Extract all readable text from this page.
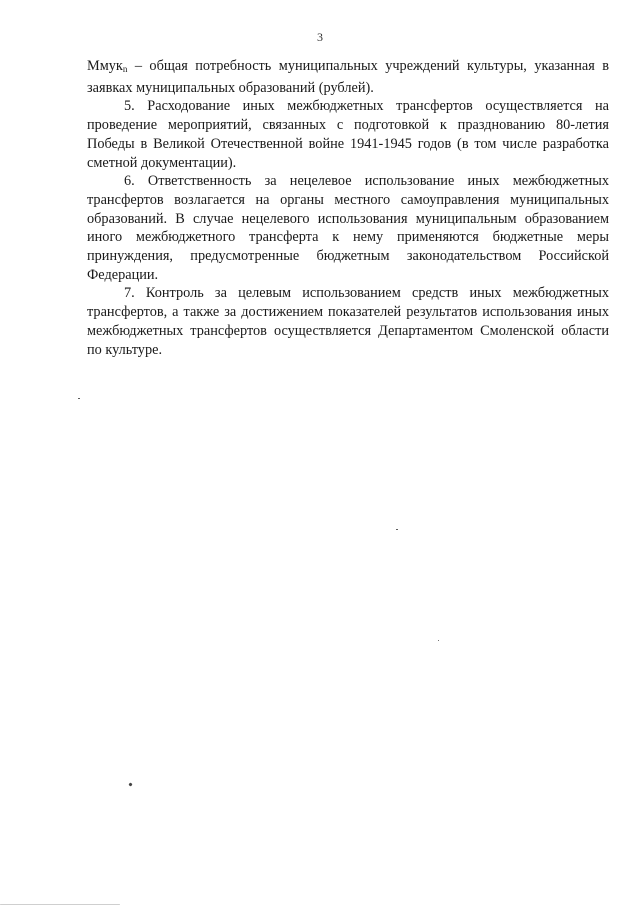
3

Ммук$_n$ – общая потребность муниципальных учреждений культуры, указанная в заявках муниципальных образований (рублей).

5. Расходование иных межбюджетных трансфертов осуществляется на проведение мероприятий, связанных с подготовкой к празднованию 80-летия Победы в Великой Отечественной войне 1941-1945 годов (в том числе разработка сметной документации).

6. Ответственность за нецелевое использование иных межбюджетных трансфертов возлагается на органы местного самоуправления муниципальных образований. В случае нецелевого использования муниципальным образованием иного межбюджетного трансферта к нему применяются бюджетные меры принуждения, предусмотренные бюджетным законодательством Российской Федерации.

7. Контроль за целевым использованием средств иных межбюджетных трансфертов, а также за достижением показателей результатов использования иных межбюджетных трансфертов осуществляется Департаментом Смоленской области по культуре.
